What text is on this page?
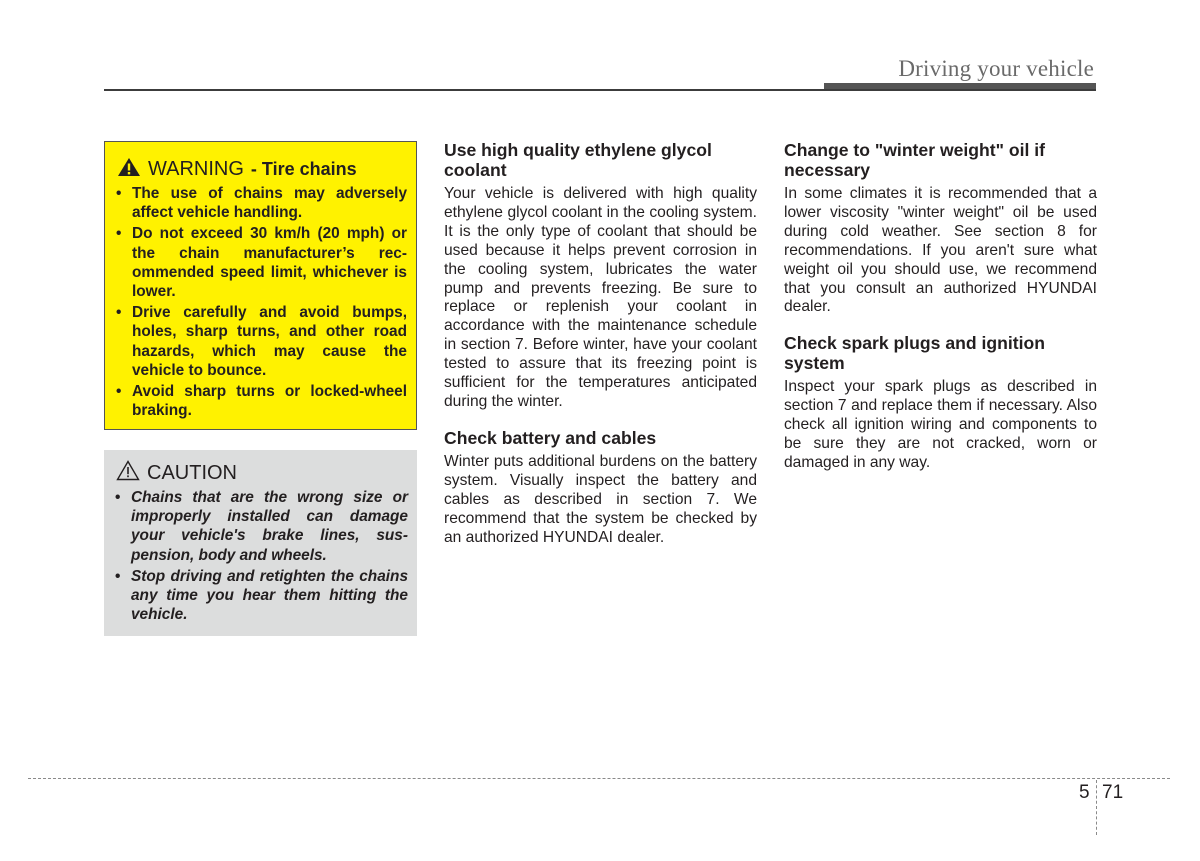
Driving your vehicle
WARNING - Tire chains
• The use of chains may adversely affect vehicle handling.
• Do not exceed 30 km/h (20 mph) or the chain manufacturer’s recommended speed limit, whichever is lower.
• Drive carefully and avoid bumps, holes, sharp turns, and other road hazards, which may cause the vehicle to bounce.
• Avoid sharp turns or locked-wheel braking.
CAUTION
• Chains that are the wrong size or improperly installed can damage your vehicle's brake lines, suspension, body and wheels.
• Stop driving and retighten the chains any time you hear them hitting the vehicle.
Use high quality ethylene glycol coolant

Your vehicle is delivered with high quality ethylene glycol coolant in the cooling system. It is the only type of coolant that should be used because it helps prevent corrosion in the cooling system, lubricates the water pump and prevents freezing. Be sure to replace or replenish your coolant in accordance with the maintenance schedule in section 7. Before winter, have your coolant tested to assure that its freezing point is sufficient for the temperatures anticipated during the winter.

Check battery and cables

Winter puts additional burdens on the battery system. Visually inspect the battery and cables as described in section 7. We recommend that the system be checked by an authorized HYUNDAI dealer.

Change to "winter weight" oil if necessary

In some climates it is recommended that a lower viscosity "winter weight" oil be used during cold weather. See section 8 for recommendations. If you aren't sure what weight oil you should use, we recommend that you consult an authorized HYUNDAI dealer.

Check spark plugs and ignition system

Inspect your spark plugs as described in section 7 and replace them if necessary. Also check all ignition wiring and components to be sure they are not cracked, worn or damaged in any way.

5 71
